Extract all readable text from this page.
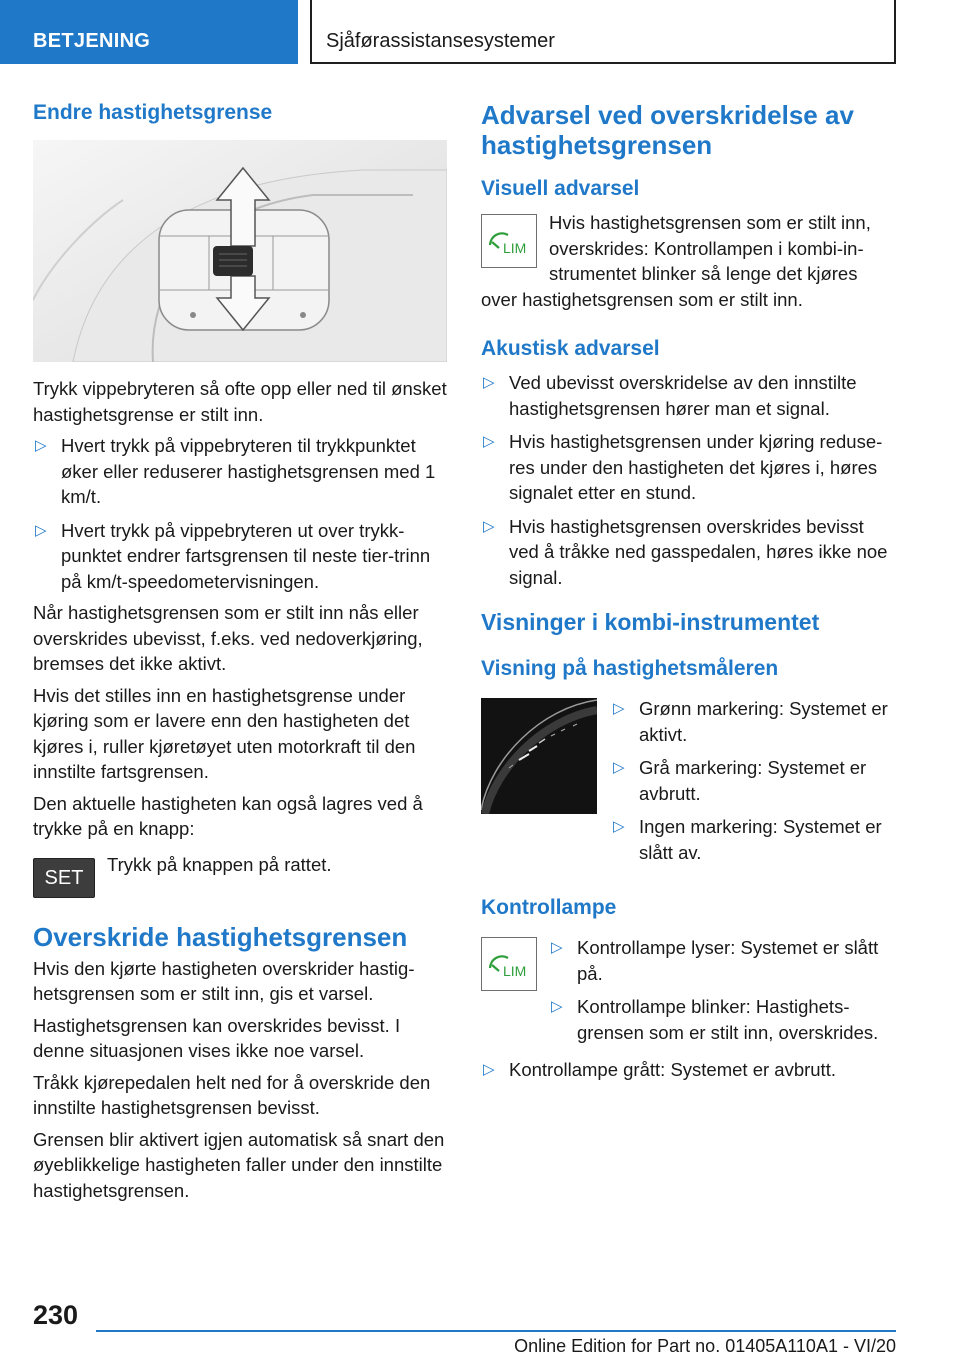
BETJENING	Sjåførassistansesystemer
Endre hastighetsgrense

Trykk vippebryteren så ofte opp eller ned til ønsket hastighetsgrense er stilt inn.

▷ Hvert trykk på vippebryteren til trykkpunktet øker eller reduserer hastighetsgrensen med 1 km/t.
▷ Hvert trykk på vippebryteren ut over trykkpunktet endrer fartsgrensen til neste tier-trinn på km/t-speedometervisningen.

Når hastighetsgrensen som er stilt inn nås eller overskrides ubevisst, f.eks. ved nedoverkjøring, bremses det ikke aktivt.

Hvis det stilles inn en hastighetsgrense under kjøring som er lavere enn den hastigheten det kjøres i, ruller kjøretøyet uten motorkraft til den innstilte fartsgrensen.

Den aktuelle hastigheten kan også lagres ved å trykke på en knapp:

SET

Trykk på knappen på rattet.

Overskride hastighetsgrensen

Hvis den kjørte hastigheten overskrider hastighetsgrensen som er stilt inn, gis et varsel.

Hastighetsgrensen kan overskrides bevisst. I denne situasjonen vises ikke noe varsel.

Tråkk kjørepedalen helt ned for å overskride den innstilte hastighetsgrensen bevisst.

Grensen blir aktivert igjen automatisk så snart den øyeblikkelige hastigheten faller under den innstilte hastighetsgrensen.

Advarsel ved overskridelse av hastighetsgrensen
Visuell advarsel
LIM

Hvis hastighetsgrensen som er stilt inn, overskrides: Kontrollampen i kombi-instrumentet blinker så lenge det kjøres over hastighetsgrensen som er stilt inn.

Akustisk advarsel
▷ Ved ubevisst overskridelse av den innstilte hastighetsgrensen hører man et signal.
▷ Hvis hastighetsgrensen under kjøring reduseres under den hastigheten det kjøres i, høres signalet etter en stund.
▷ Hvis hastighetsgrensen overskrides bevisst ved å tråkke ned gasspedalen, høres ikke noe signal.
Visninger i kombi-instrumentet
Visning på hastighetsmåleren
▷ Grønn markering: Systemet er aktivt.
▷ Grå markering: Systemet er avbrutt.
▷ Ingen markering: Systemet er slått av.
Kontrollampe
LIM
▷ Kontrollampe lyser: Systemet er slått på.
▷ Kontrollampe blinker: Hastighetsgrensen som er stilt inn, overskrides.
▷ Kontrollampe grått: Systemet er avbrutt.
230
Online Edition for Part no. 01405A110A1 - VI/20
